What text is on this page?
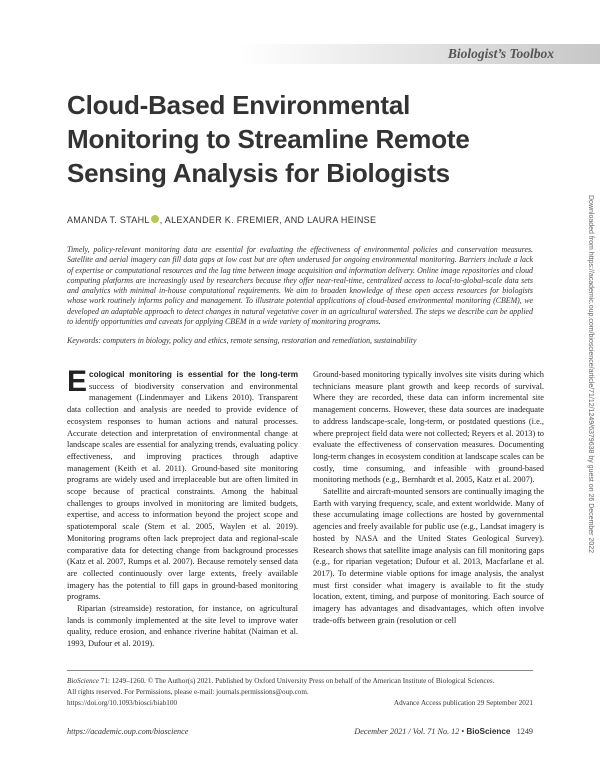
Biologist’s Toolbox
Cloud-Based Environmental Monitoring to Streamline Remote Sensing Analysis for Biologists
AMANDA T. STAHL , ALEXANDER K. FREMIER, AND LAURA HEINSE

Timely, policy-relevant monitoring data are essential for evaluating the effectiveness of environmental policies and conservation measures. Satellite and aerial imagery can fill data gaps at low cost but are often underused for ongoing environmental monitoring. Barriers include a lack of expertise or computational resources and the lag time between image acquisition and information delivery. Online image repositories and cloud computing platforms are increasingly used by researchers because they offer near-real-time, centralized access to local-to-global-scale data sets and analytics with minimal in-house computational requirements. We aim to broaden knowledge of these open access resources for biologists whose work routinely informs policy and management. To illustrate potential applications of cloud-based environmental monitoring (CBEM), we developed an adaptable approach to detect changes in natural vegetative cover in an agricultural watershed. The steps we describe can be applied to identify opportunities and caveats for applying CBEM in a wide variety of monitoring programs.

Keywords: computers in biology, policy and ethics, remote sensing, restoration and remediation, sustainability	Downloaded from https://academic.oup.com/bioscience/article/71/12/1249/6379638 by guest on 26 December 2022

Ecological monitoring is essential for the long-term success of biodiversity conservation and environmental management (Lindenmayer and Likens 2010). Transparent data collection and analysis are needed to provide evidence of ecosystem responses to human actions and natural processes. Accurate detection and interpretation of environmental change at landscape scales are essential for analyzing trends, evaluating policy effectiveness, and improving practices through adaptive management (Keith et al. 2011). Ground-based site monitoring programs are widely used and irreplaceable but are often limited in scope because of practical constraints. Among the habitual challenges to groups involved in monitoring are limited budgets, expertise, and access to information beyond the project scope and spatiotemporal scale (Stem et al. 2005, Waylen et al. 2019). Monitoring programs often lack preproject data and regional-scale comparative data for detecting change from background processes (Katz et al. 2007, Rumps et al. 2007). Because remotely sensed data are collected continuously over large extents, freely available imagery has the potential to fill gaps in ground-based monitoring programs.

Riparian (streamside) restoration, for instance, on agricultural lands is commonly implemented at the site level to improve water quality, reduce erosion, and enhance riverine habitat (Naiman et al. 1993, Dufour et al. 2019).

Ground-based monitoring typically involves site visits during which technicians measure plant growth and keep records of survival. Where they are recorded, these data can inform incremental site management concerns. However, these data sources are inadequate to address landscape-scale, long-term, or postdated questions (i.e., where preproject field data were not collected; Reyers et al. 2013) to evaluate the effectiveness of conservation measures. Documenting long-term changes in ecosystem condition at landscape scales can be costly, time consuming, and infeasible with ground-based monitoring methods (e.g., Bernhardt et al. 2005, Katz et al. 2007).

Satellite and aircraft-mounted sensors are continually imaging the Earth with varying frequency, scale, and extent worldwide. Many of these accumulating image collections are hosted by governmental agencies and freely available for public use (e.g., Landsat imagery is hosted by NASA and the United States Geological Survey). Research shows that satellite image analysis can fill monitoring gaps (e.g., for riparian vegetation; Dufour et al. 2013, Macfarlane et al. 2017). To determine viable options for image analysis, the analyst must first consider what imagery is available to fit the study location, extent, timing, and purpose of monitoring. Each source of imagery has advantages and disadvantages, which often involve trade-offs between grain (resolution or cell

BioScience 71: 1249–1260. © The Author(s) 2021. Published by Oxford University Press on behalf of the American Institute of Biological Sciences.
All rights reserved. For Permissions, please e-mail: journals.permissions@oup.com.
https://doi.org/10.1093/biosci/biab100	Advance Access publication 29 September 2021
https://academic.oup.com/bioscience	December 2021 / Vol. 71 No. 12 • BioScience 1249
